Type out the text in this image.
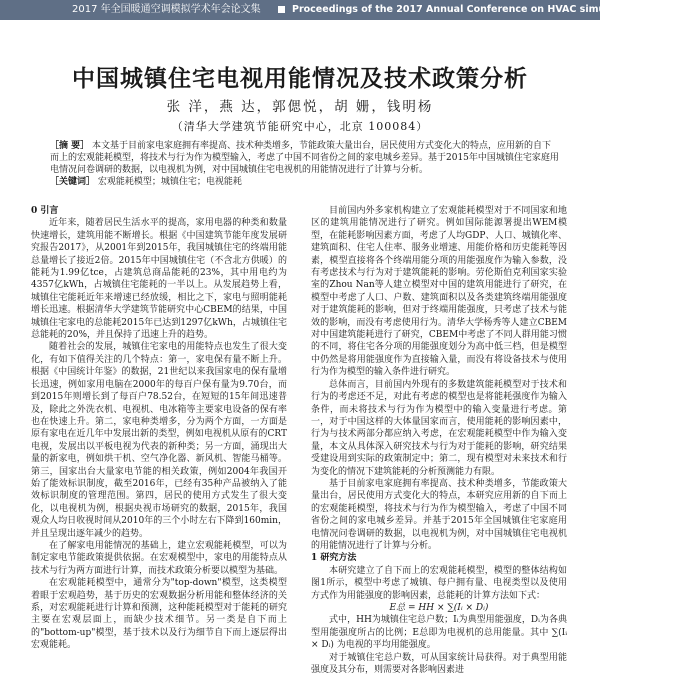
2017 年全国暖通空调模拟学术年会论文集	Proceedings of the 2017 Annual Conference on HVAC simulation in China
中国城镇住宅电视用能情况及技术政策分析
张 洋，燕 达，郭偲悦，胡 姗，钱明杨
（清华大学建筑节能研究中心，北京 100084）
［摘 要］ 本文基于目前家电家庭拥有率提高、技术种类增多，节能政策大量出台，居民使用方式变化大的特点，应用新的自下而上的宏观能耗模型，将技术与行为作为模型输入，考虑了中国不同省份之间的家电城乡差异。基于2015年中国城镇住宅家庭用电情况问卷调研的数据，以电视机为例，对中国城镇住宅电视机的用能情况进行了计算与分析。
［关键词］ 宏观能耗模型；城镇住宅；电视能耗

0 引言

近年来，随着居民生活水平的提高，家用电器的种类和数量快速增长，建筑用能不断增长。根据《中国建筑节能年度发展研究报告2017》，从2001年到2015年，我国城镇住宅的终端用能总量增长了接近2倍。2015年中国城镇住宅（不含北方供暖）的能耗为1.99亿tce，占建筑总商品能耗的23%，其中用电约为4357亿kWh，占城镇住宅能耗的一半以上。从发展趋势上看，城镇住宅能耗近年来增速已经放缓，相比之下，家电与照明能耗增长迅速。根据清华大学建筑节能研究中心CBEM的结果，中国城镇住宅家电的总能耗2015年已达到1297亿kWh，占城镇住宅总能耗的20%，并且保持了迅速上升的趋势。

随着社会的发展，城镇住宅家电的用能特点也发生了很大变化，有如下值得关注的几个特点：第一，家电保有量不断上升。根据《中国统计年鉴》的数据，21世纪以来我国家电的保有量增长迅速，例如家用电脑在2000年的每百户保有量为9.70台，而到2015年则增长到了每百户78.52台，在短短的15年间迅速普及，除此之外洗衣机、电视机、电冰箱等主要家电设备的保有率也在快速上升。第二，家电种类增多，分为两个方面，一方面是原有家电在近几年中发展出新的类型，例如电视机从原有的CRT电视，发展出以平板电视为代表的新种类；另一方面，涌现出大量的新家电，例如烘干机、空气净化器、新风机、智能马桶等。第三，国家出台大量家电节能的相关政策，例如2004年我国开始了能效标识制度，截至2016年，已经有35种产品被纳入了能效标识制度的管理范围。第四，居民的使用方式发生了很大变化，以电视机为例，根据央视市场研究的数据，2015年，我国观众人均日收视时间从2010年的三个小时左右下降到160min，并且呈现出逐年减少的趋势。

在了解家电用能情况的基础上，建立宏观能耗模型，可以为制定家电节能政策提供依据。在宏观模型中，家电的用能特点从技术与行为两方面进行计算，而技术政策分析要以模型为基础。

在宏观能耗模型中，通常分为"top-down"模型，这类模型着眼于宏观趋势，基于历史的宏观数据分析用能和整体经济的关系，对宏观能耗进行计算和预测，这种能耗模型对于能耗的研究主要在宏观层面上，而缺少技术细节。另一类是自下而上的"bottom-up"模型，基于技术以及行为细节自下而上逐层得出宏观能耗。

目前国内外多家机构建立了宏观能耗模型对于不同国家和地区的建筑用能情况进行了研究。例如国际能源署提出WEM模型，在能耗影响因素方面，考虑了人均GDP、人口、城镇化率、建筑面积、住宅人住率、服务业增速、用能价格和历史能耗等因素，模型直接将各个终端用能分项的用能强度作为输入参数，没有考虑技术与行为对于建筑能耗的影响。劳伦斯伯克利国家实验室的Zhou Nan等人建立模型对中国的建筑用能进行了研究，在模型中考虑了人口、户数、建筑面积以及各类建筑终端用能强度对于建筑能耗的影响，但对于终端用能强度，只考虑了技术与能效的影响，而没有考虑使用行为。清华大学杨秀等人建立CBEM对中国建筑能耗进行了研究，CBEM中考虑了不同人群用能习惯的不同，将住宅各分项的用能强度划分为高中低三档，但是模型中仍然是将用能强度作为直接输入量，而没有将设备技术与使用行为作为模型的输入条件进行研究。

总体而言，目前国内外现有的多数建筑能耗模型对于技术和行为的考虑还不足，对此有考虑的模型也是将能耗强度作为输入条件，而未将技术与行为作为模型中的输入变量进行考虑。第一，对于中国这样的大体量国家而言，使用能耗的影响因素中，行为与技术两部分都应纳入考虑，在宏观能耗模型中作为输入变量，本文从具体深入研究技术与行为对于能耗的影响，研究结果受建设用到实际的政策制定中；第二，现有模型对未来技术和行为变化的情况下建筑能耗的分析预测能力有限。

基于目前家电家庭拥有率提高、技术种类增多，节能政策大量出台，居民使用方式变化大的特点，本研究应用新的自下而上的宏观能耗模型，将技术与行为作为模型输入，考虑了中国不同省份之间的家电城乡差异。并基于2015年全国城镇住宅家庭用电情况问卷调研的数据，以电视机为例，对中国城镇住宅电视机的用能情况进行了计算与分析。

1 研究方法

本研究建立了自下而上的宏观能耗模型，模型的整体结构如图1所示，模型中考虑了城镇、每户拥有量、电视类型以及使用方式作为用能强度的影响因素，总能耗的计算方法如下式：

E总 = HH × ∑(Iᵢ × Dᵢ)

式中，HH为城镇住宅总户数；Iᵢ为典型用能强度，Dᵢ为各典型用能强度所占的比例；E总即为电视机的总用能量。其中 ∑(Iᵢ × Dᵢ) 为电视的平均用能强度。

对于城镇住宅总户数，可从国家统计局获得。对于典型用能强度及其分布，则需要对各影响因素进
